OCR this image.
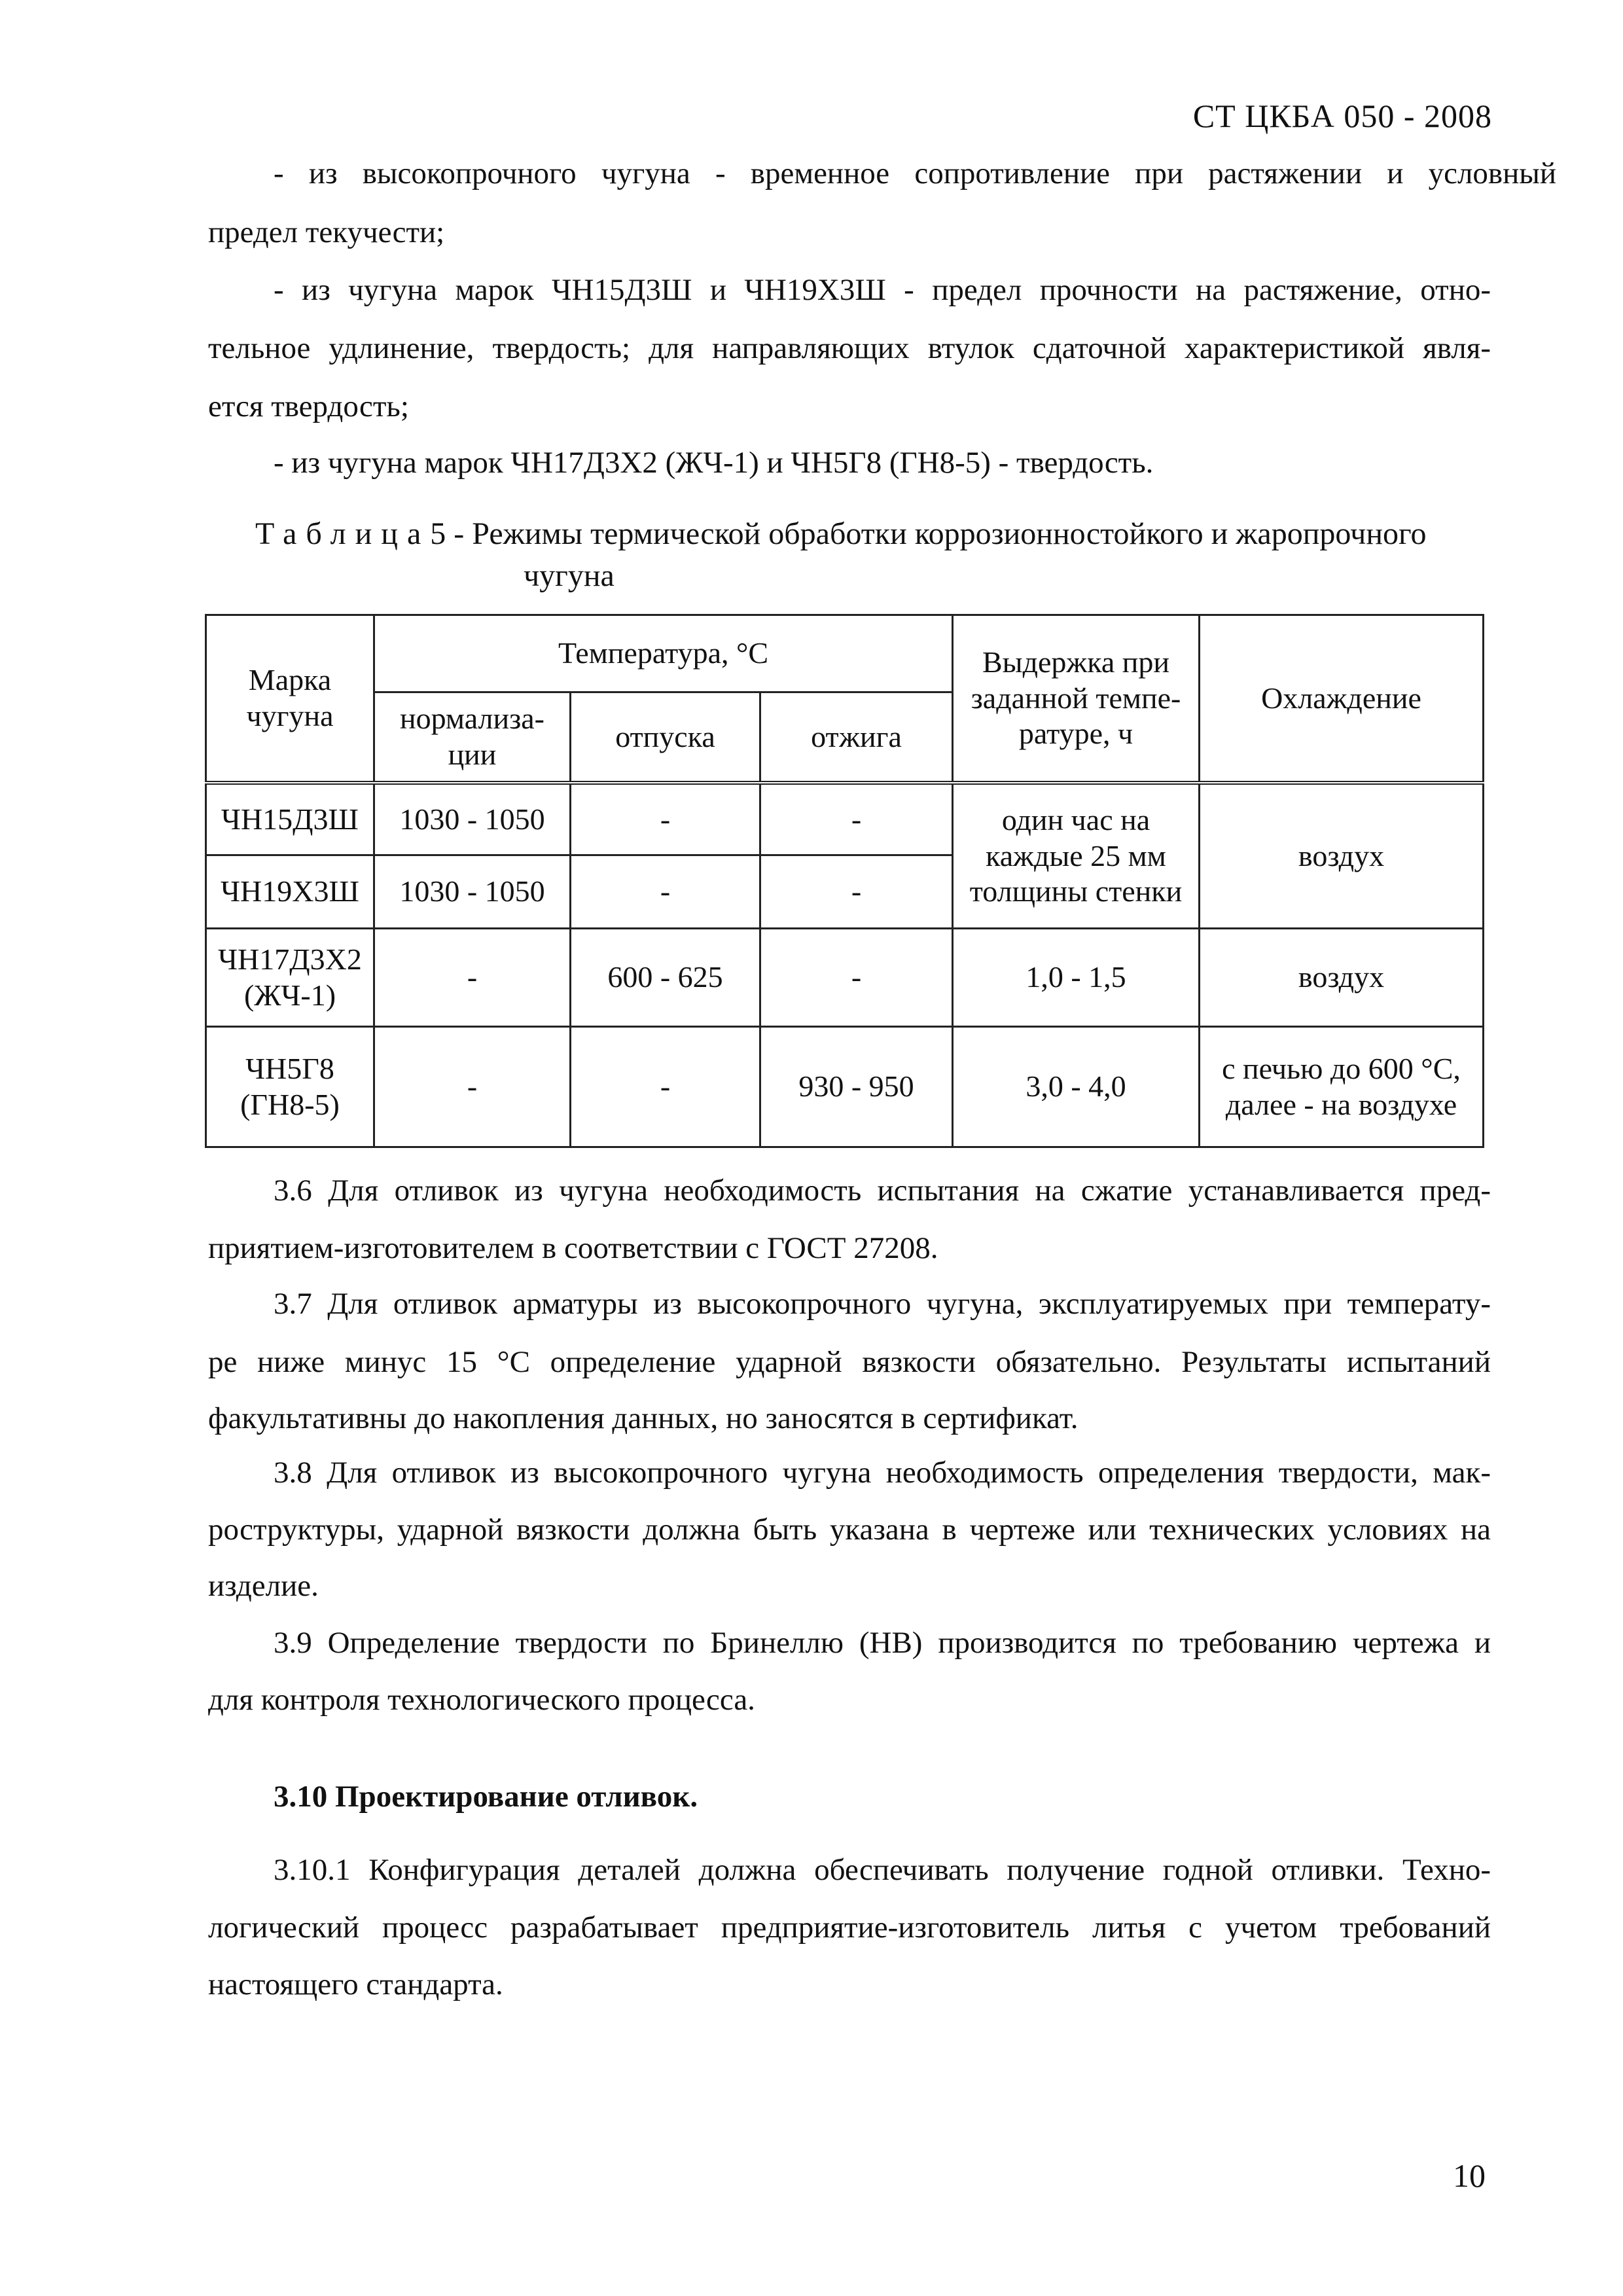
СТ ЦКБА 050 - 2008
- из высокопрочного чугуна - временное сопротивление при растяжении и условный
предел текучести;
- из чугуна марок ЧН15Д3Ш и ЧН19Х3Ш - предел прочности на растяжение, отно-
тельное удлинение, твердость; для направляющих втулок сдаточной характеристикой явля-
ется твердость;
- из чугуна марок ЧН17Д3Х2 (ЖЧ-1) и ЧН5Г8 (ГН8-5) - твердость.
Таблица5 - Режимы термической обработки коррозионностойкого и жаропрочного
чугуна
Марка чугуна	Температура, °С			Выдержка при заданной темпе-ратуре, ч	Охлаждение
	нормализа-ции	отпуска	отжига		
ЧН15Д3Ш	1030 - 1050	-	-	один час на каждые 25 мм толщины стенки	воздух
ЧН19Х3Ш	1030 - 1050	-	-		
ЧН17Д3Х2 (ЖЧ-1)	-	600 - 625	-	1,0 - 1,5	воздух
ЧН5Г8 (ГН8-5)	-	-	930 - 950	3,0 - 4,0	с печью до 600 °С, далее - на воздухе
3.6 Для отливок из чугуна необходимость испытания на сжатие устанавливается пред-
приятием-изготовителем в соответствии с ГОСТ 27208.
3.7 Для отливок арматуры из высокопрочного чугуна, эксплуатируемых при температу-
ре ниже минус 15 °С определение ударной вязкости обязательно. Результаты испытаний
факультативны до накопления данных, но заносятся в сертификат.
3.8 Для отливок из высокопрочного чугуна необходимость определения твердости, мак-
роструктуры, ударной вязкости должна быть указана в чертеже или технических условиях на
изделие.
3.9 Определение твердости по Бринеллю (НВ) производится по требованию чертежа и
для контроля технологического процесса.
3.10 Проектирование отливок.
3.10.1 Конфигурация деталей должна обеспечивать получение годной отливки. Техно-
логический процесс разрабатывает предприятие-изготовитель литья с учетом требований
настоящего стандарта.
10
